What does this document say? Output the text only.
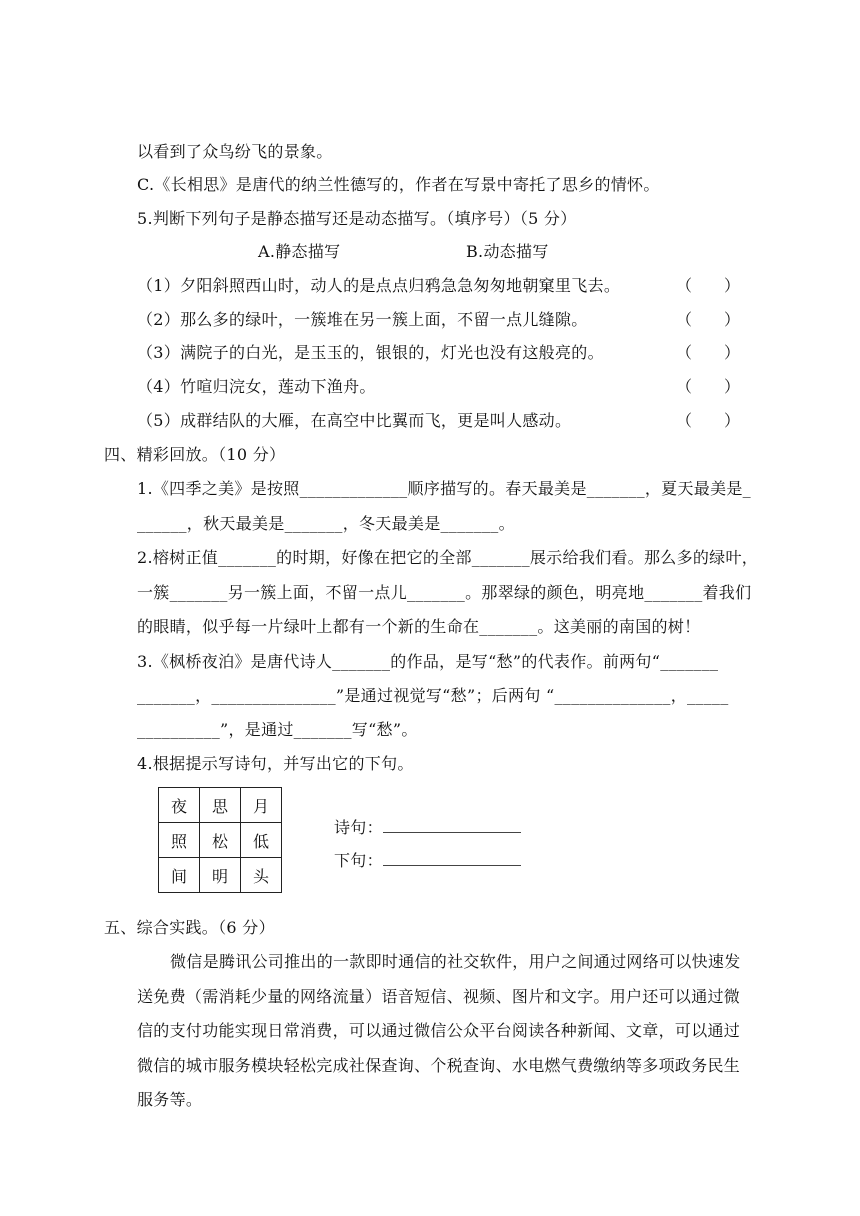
以看到了众鸟纷飞的景象。
C.《长相思》是唐代的纳兰性德写的，作者在写景中寄托了思乡的情怀。
5.判断下列句子是静态描写还是动态描写。（填序号）（5 分）
A.静态描写	B.动态描写
（1）夕阳斜照西山时，动人的是点点归鸦急急匆匆地朝窠里飞去。	（　　）
（2）那么多的绿叶，一簇堆在另一簇上面，不留一点儿缝隙。	（　　）
（3）满院子的白光，是玉玉的，银银的，灯光也没有这般亮的。	（　　）
（4）竹喧归浣女，莲动下渔舟。	（　　）
（5）成群结队的大雁，在高空中比翼而飞，更是叫人感动。	（　　）
四、精彩回放。（10 分）
1.《四季之美》是按照_____________顺序描写的。春天最美是_______，夏天最美是_
______，秋天最美是_______，冬天最美是_______。
2.榕树正值_______的时期，好像在把它的全部_______展示给我们看。那么多的绿叶，
一簇_______另一簇上面，不留一点儿_______。那翠绿的颜色，明亮地_______着我们
的眼睛，似乎每一片绿叶上都有一个新的生命在_______。这美丽的南国的树！
3.《枫桥夜泊》是唐代诗人_______的作品，是写“愁”的代表作。前两句“_______
_______，_______________”是通过视觉写“愁”；后两句 “______________，_____
__________”，是通过_______写“愁”。
4.根据提示写诗句，并写出它的下句。
夜	思	月
照	松	低
间	明	头
诗句：
下句：
五、综合实践。（6 分）
微信是腾讯公司推出的一款即时通信的社交软件，用户之间通过网络可以快速发
送免费（需消耗少量的网络流量）语音短信、视频、图片和文字。用户还可以通过微
信的支付功能实现日常消费，可以通过微信公众平台阅读各种新闻、文章，可以通过
微信的城市服务模块轻松完成社保查询、个税查询、水电燃气费缴纳等多项政务民生
服务等。
